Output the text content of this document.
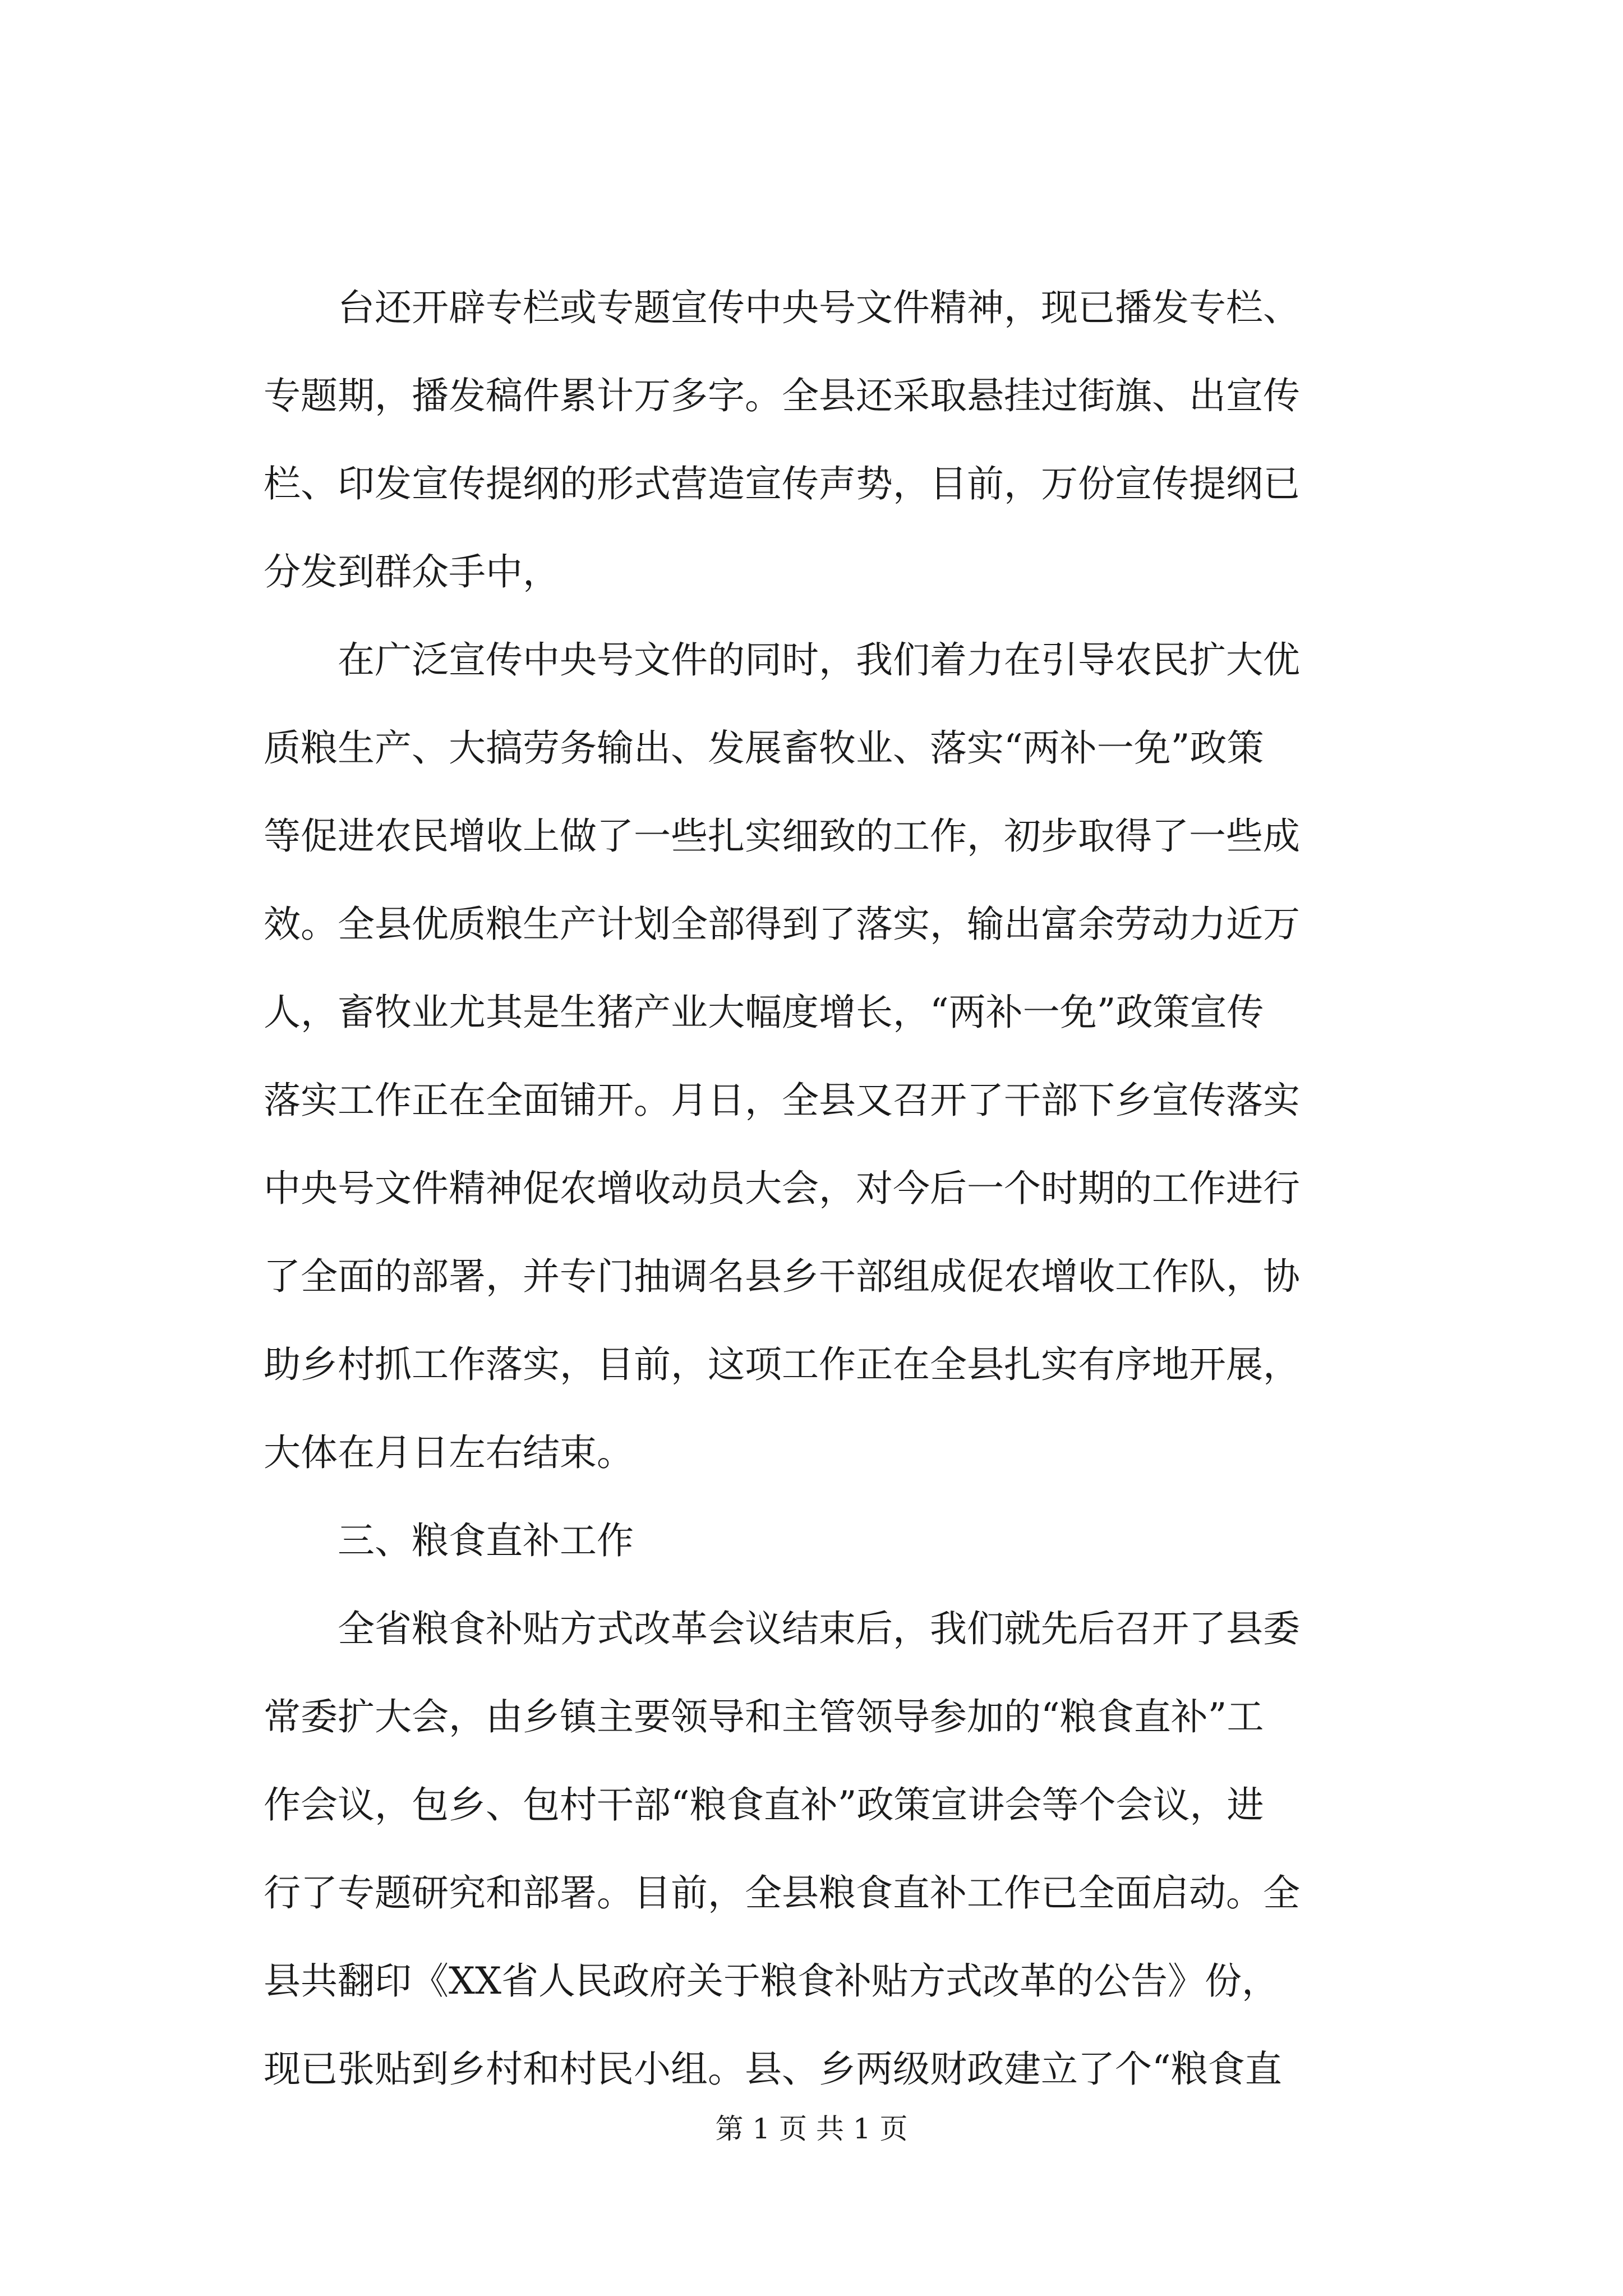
　　台还开辟专栏或专题宣传中央号文件精神，现已播发专栏、
专题期，播发稿件累计万多字。全县还采取悬挂过街旗、出宣传
栏、印发宣传提纲的形式营造宣传声势，目前，万份宣传提纲已
分发到群众手中，
　　在广泛宣传中央号文件的同时，我们着力在引导农民扩大优
质粮生产、大搞劳务输出、发展畜牧业、落实“两补一免”政策
等促进农民增收上做了一些扎实细致的工作，初步取得了一些成
效。全县优质粮生产计划全部得到了落实，输出富余劳动力近万
人，畜牧业尤其是生猪产业大幅度增长，“两补一免”政策宣传
落实工作正在全面铺开。月日，全县又召开了干部下乡宣传落实
中央号文件精神促农增收动员大会，对今后一个时期的工作进行
了全面的部署，并专门抽调名县乡干部组成促农增收工作队，协
助乡村抓工作落实，目前，这项工作正在全县扎实有序地开展，
大体在月日左右结束。
　　三、粮食直补工作
　　全省粮食补贴方式改革会议结束后，我们就先后召开了县委
常委扩大会，由乡镇主要领导和主管领导参加的“粮食直补”工
作会议，包乡、包村干部“粮食直补”政策宣讲会等个会议，进
行了专题研究和部署。目前，全县粮食直补工作已全面启动。全
县共翻印《XX省人民政府关于粮食补贴方式改革的公告》份，
现已张贴到乡村和村民小组。县、乡两级财政建立了个“粮食直
第 1 页 共 1 页
